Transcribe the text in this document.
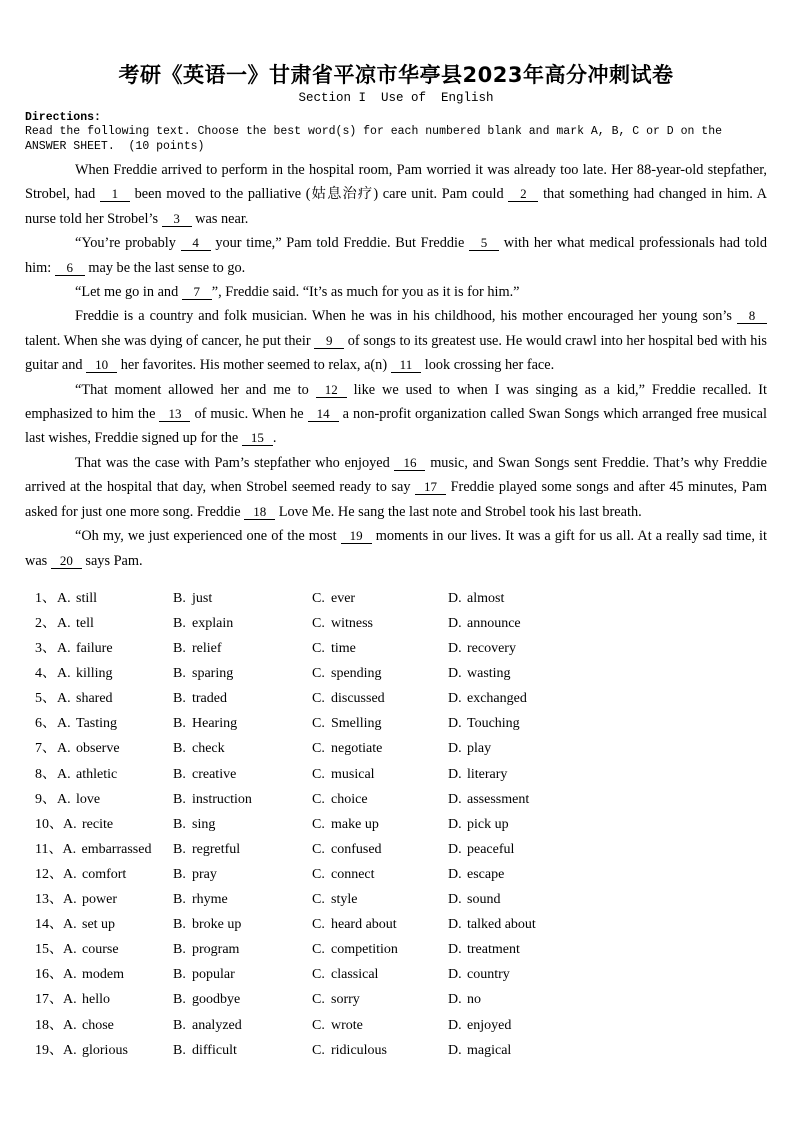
考研《英语一》甘肃省平凉市华亭县2023年高分冲刺试卷
Section I  Use of  English
Directions:
Read the following text. Choose the best word(s) for each numbered blank and mark A, B, C or D on the
ANSWER SHEET.  (10 points)

When Freddie arrived to perform in the hospital room, Pam worried it was already too late. Her 88-year-old stepfather, Strobel, had 1 been moved to the palliative (姑息治疗) care unit. Pam could 2 that something had changed in him. A nurse told her Strobel’s 3 was near.

“You’re probably 4 your time,” Pam told Freddie. But Freddie 5 with her what medical professionals had told him: 6 may be the last sense to go.

“Let me go in and 7 ”, Freddie said. “It’s as much for you as it is for him.”

Freddie is a country and folk musician. When he was in his childhood, his mother encouraged her young son’s 8 talent. When she was dying of cancer, he put their 9 of songs to its greatest use. He would crawl into her hospital bed with his guitar and 10 her favorites. His mother seemed to relax, a(n) 11 look crossing her face.

“That moment allowed her and me to 12 like we used to when I was singing as a kid,” Freddie recalled. It emphasized to him the 13 of music. When he 14 a non-profit organization called Swan Songs which arranged free musical last wishes, Freddie signed up for the 15 .

That was the case with Pam’s stepfather who enjoyed 16 music, and Swan Songs sent Freddie. That’s why Freddie arrived at the hospital that day, when Strobel seemed ready to say 17 Freddie played some songs and after 45 minutes, Pam asked for just one more song. Freddie 18 Love Me. He sang the last note and Strobel took his last breath.

“Oh my, we just experienced one of the most 19 moments in our lives. It was a gift for us all. At a really sad time, it was 20 says Pam.

1、A. still	B. just	C. ever	D. almost
2、A. tell	B. explain	C. witness	D. announce
3、A. failure	B. relief	C. time	D. recovery
4、A. killing	B. sparing	C. spending	D. wasting
5、A. shared	B. traded	C. discussed	D. exchanged
6、A. Tasting	B. Hearing	C. Smelling	D. Touching
7、A. observe	B. check	C. negotiate	D. play
8、A. athletic	B. creative	C. musical	D. literary
9、A. love	B. instruction	C. choice	D. assessment
10、A. recite	B. sing	C. make up	D. pick up
11、A. embarrassed B. regretful	C. confused	D. peaceful
12、A. comfort	B. pray	C. connect	D. escape
13、A. power	B. rhyme	C. style	D. sound
14、A. set up	B. broke up	C. heard about	D. talked about
15、A. course	B. program	C. competition	D. treatment
16、A. modem	B. popular	C. classical	D. country
17、A. hello	B. goodbye	C. sorry	D. no
18、A. chose	B. analyzed	C. wrote	D. enjoyed
19、A. glorious	B. difficult	C. ridiculous	D. magical
